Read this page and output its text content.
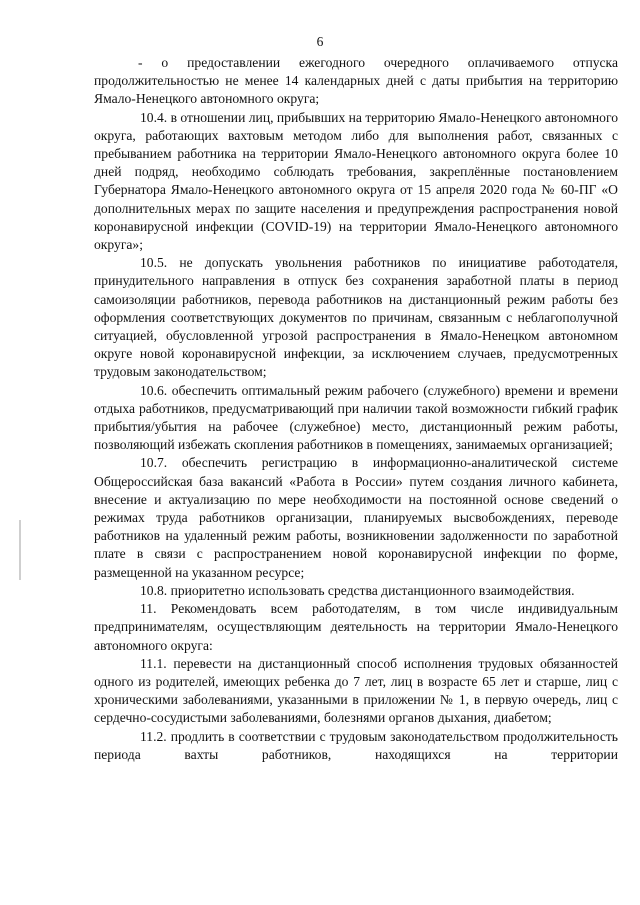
6

- о предоставлении ежегодного очередного оплачиваемого отпуска продолжительностью не менее 14 календарных дней с даты прибытия на территорию Ямало-Ненецкого автономного округа;

10.4. в отношении лиц, прибывших на территорию Ямало-Ненецкого автономного округа, работающих вахтовым методом либо для выполнения работ, связанных с пребыванием работника на территории Ямало-Ненецкого автономного округа более 10 дней подряд, необходимо соблюдать требования, закреплённые постановлением Губернатора Ямало-Ненецкого автономного округа от 15 апреля 2020 года № 60-ПГ «О дополнительных мерах по защите населения и предупреждения распространения новой коронавирусной инфекции (COVID-19) на территории Ямало-Ненецкого автономного округа»;

10.5. не допускать увольнения работников по инициативе работодателя, принудительного направления в отпуск без сохранения заработной платы в период самоизоляции работников, перевода работников на дистанционный режим работы без оформления соответствующих документов по причинам, связанным с неблагополучной ситуацией, обусловленной угрозой распространения в Ямало-Ненецком автономном округе новой коронавирусной инфекции, за исключением случаев, предусмотренных трудовым законодательством;

10.6. обеспечить оптимальный режим рабочего (служебного) времени и времени отдыха работников, предусматривающий при наличии такой возможности гибкий график прибытия/убытия на рабочее (служебное) место, дистанционный режим работы, позволяющий избежать скопления работников в помещениях, занимаемых организацией;

10.7. обеспечить регистрацию в информационно-аналитической системе Общероссийская база вакансий «Работа в России» путем создания личного кабинета, внесение и актуализацию по мере необходимости на постоянной основе сведений о режимах труда работников организации, планируемых высвобождениях, переводе работников на удаленный режим работы, возникновении задолженности по заработной плате в связи с распространением новой коронавирусной инфекции по форме, размещенной на указанном ресурсе;

10.8. приоритетно использовать средства дистанционного взаимодействия.

11. Рекомендовать всем работодателям, в том числе индивидуальным предпринимателям, осуществляющим деятельность на территории Ямало-Ненецкого автономного округа:

11.1. перевести на дистанционный способ исполнения трудовых обязанностей одного из родителей, имеющих ребенка до 7 лет, лиц в возрасте 65 лет и старше, лиц с хроническими заболеваниями, указанными в приложении № 1, в первую очередь, лиц с сердечно-сосудистыми заболеваниями, болезнями органов дыхания, диабетом;

11.2. продлить в соответствии с трудовым законодательством продолжительность периода вахты работников, находящихся на территории
